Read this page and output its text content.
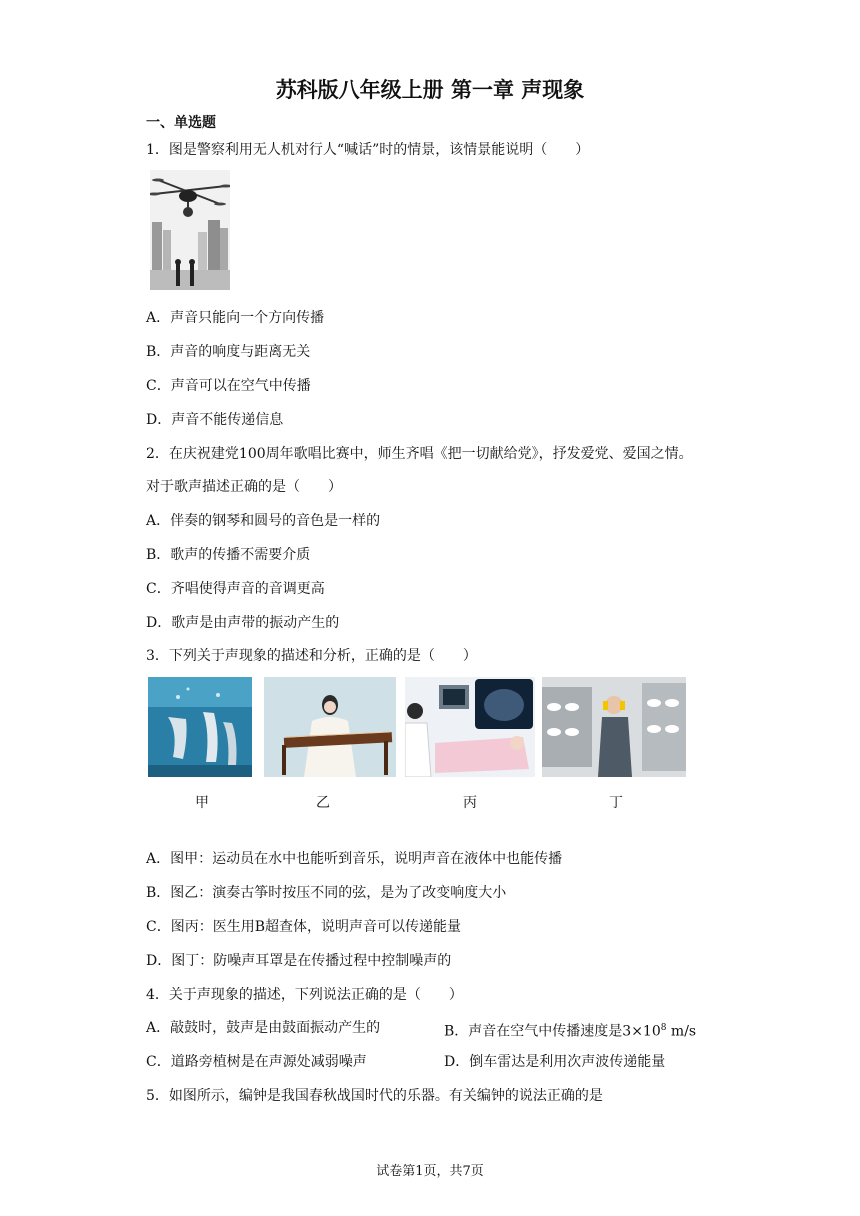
苏科版八年级上册 第一章 声现象
一、单选题
1．图是警察利用无人机对行人“喊话”时的情景，该情景能说明（　　）
A．声音只能向一个方向传播
B．声音的响度与距离无关
C．声音可以在空气中传播
D．声音不能传递信息
2．在庆祝建党100周年歌唱比赛中，师生齐唱《把一切献给党》，抒发爱党、爱国之情。
对于歌声描述正确的是（　　）
A．伴奏的钢琴和圆号的音色是一样的
B．歌声的传播不需要介质
C．齐唱使得声音的音调更高
D．歌声是由声带的振动产生的
3．下列关于声现象的描述和分析，正确的是（　　）
甲	乙	丙	丁
A．图甲：运动员在水中也能听到音乐，说明声音在液体中也能传播
B．图乙：演奏古筝时按压不同的弦，是为了改变响度大小
C．图丙：医生用B超查体，说明声音可以传递能量
D．图丁：防噪声耳罩是在传播过程中控制噪声的
4．关于声现象的描述，下列说法正确的是（　　）
A．敲鼓时，鼓声是由鼓面振动产生的	B．声音在空气中传播速度是$3\times 10^8$ m/s
C．道路旁植树是在声源处减弱噪声	D．倒车雷达是利用次声波传递能量
5．如图所示，编钟是我国春秋战国时代的乐器。有关编钟的说法正确的是
试卷第1页，共7页
